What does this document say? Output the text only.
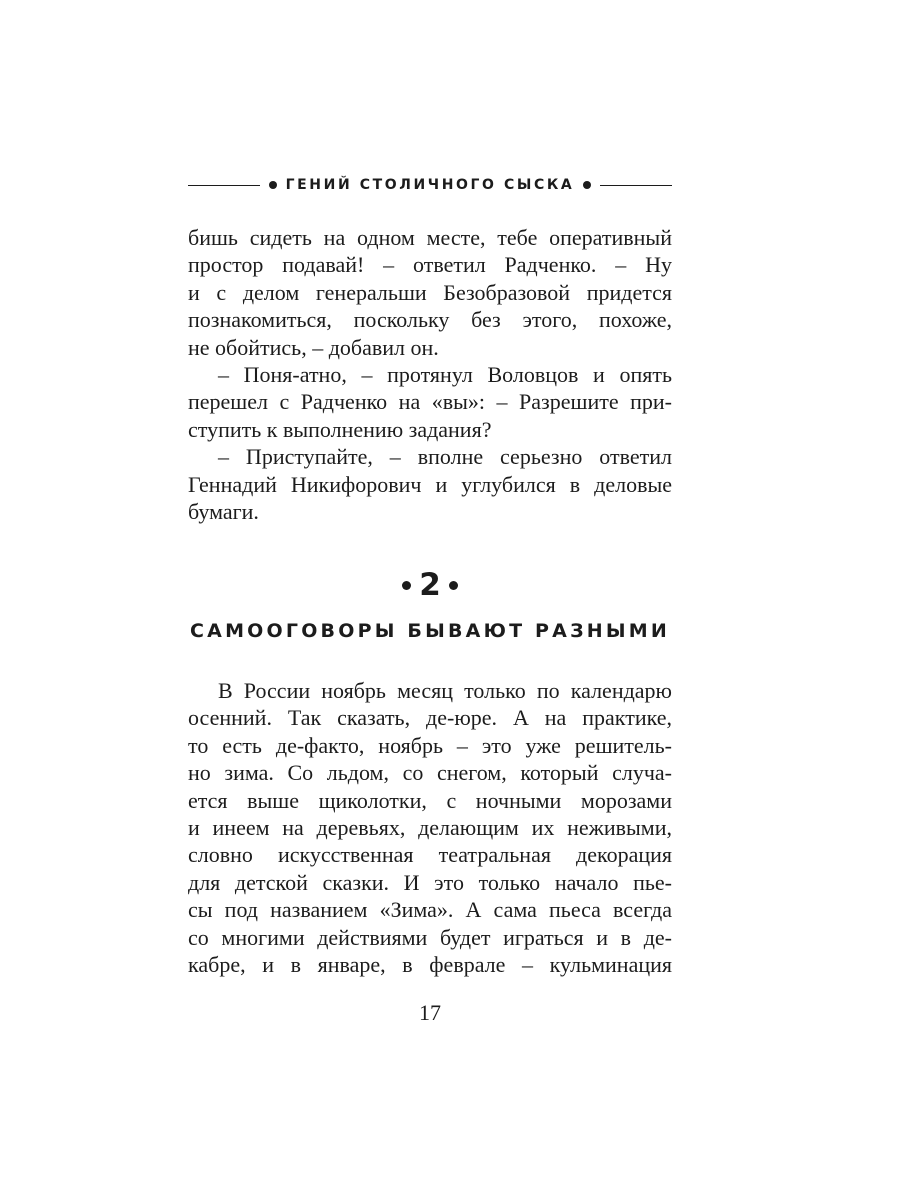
ГЕНИЙ СТОЛИЧНОГО СЫСКА

бишь сидеть на одном месте, тебе оперативный
простор подавай! – ответил Радченко. – Ну
и с делом генеральши Безобразовой придется
познакомиться, поскольку без этого, похоже,
не обойтись, – добавил он.

– Поня-атно, – протянул Воловцов и опять
перешел с Радченко на «вы»: – Разрешите при-
ступить к выполнению задания?

– Приступайте, – вполне серьезно ответил
Геннадий Никифорович и углубился в деловые
бумаги.

2
САМООГОВОРЫ БЫВАЮТ РАЗНЫМИ

В России ноябрь месяц только по календарю
осенний. Так сказать, де-юре. А на практике,
то есть де-факто, ноябрь – это уже решитель-
но зима. Со льдом, со снегом, который случа-
ется выше щиколотки, с ночными морозами
и инеем на деревьях, делающим их неживыми,
словно искусственная театральная декорация
для детской сказки. И это только начало пье-
сы под названием «Зима». А сама пьеса всегда
со многими действиями будет играться и в де-
кабре, и в январе, в феврале – кульминация

17
